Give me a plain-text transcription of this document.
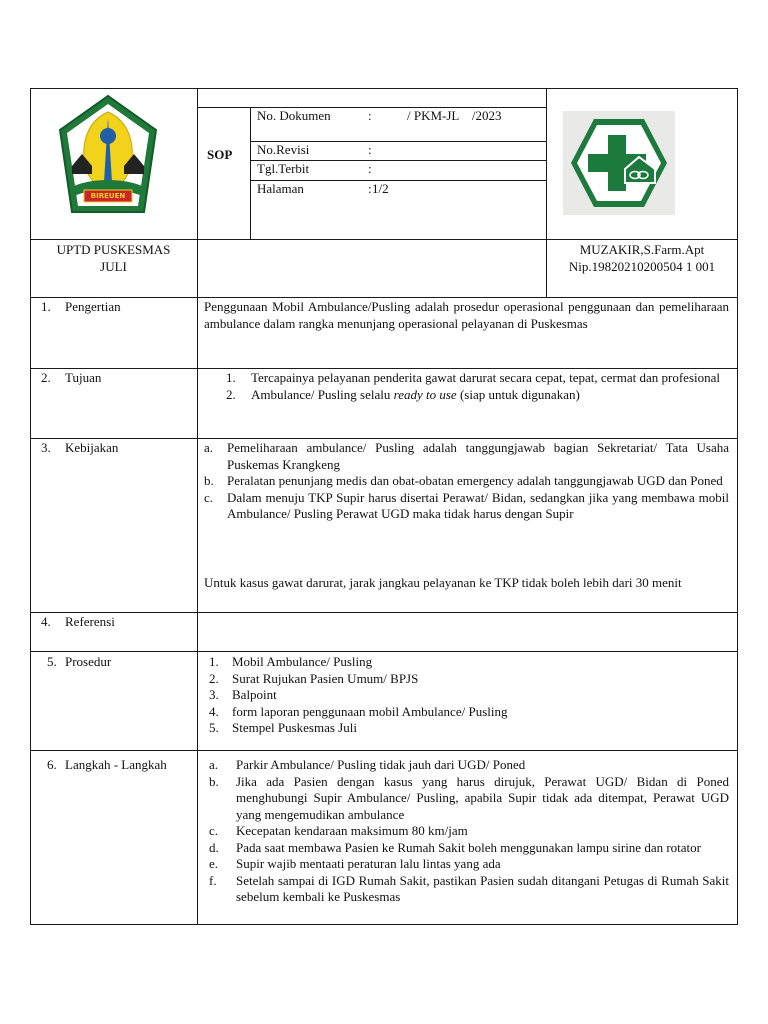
BIREUEN
SOP
No. Dokumen	:	/ PKM-JL    /2023
No.Revisi	:
Tgl.Terbit	:
Halaman	: 1/2
UPTD PUSKESMAS
JULI
MUZAKIR,S.Farm.Apt
Nip.19820210200504 1 001
1. Pengertian	Penggunaan Mobil Ambulance/Pusling adalah prosedur operasional penggunaan dan pemeliharaan ambulance dalam rangka menunjang operasional pelayanan di Puskesmas
2. Tujuan	1. Tercapainya pelayanan penderita gawat darurat secara cepat, tepat, cermat dan profesional
2. Ambulance/ Pusling selalu ready to use (siap untuk digunakan)
3. Kebijakan	a. Pemeliharaan ambulance/ Pusling adalah tanggungjawab bagian Sekretariat/ Tata Usaha Puskemas Krangkeng
b. Peralatan penunjang medis dan obat-obatan emergency adalah tanggungjawab UGD dan Poned
c. Dalam menuju TKP Supir harus disertai Perawat/ Bidan, sedangkan jika yang membawa mobil Ambulance/ Pusling Perawat UGD maka tidak harus dengan Supir
Untuk kasus gawat darurat, jarak jangkau pelayanan ke TKP tidak boleh lebih dari 30 menit
4. Referensi
5. Prosedur	1. Mobil Ambulance/ Pusling
2. Surat Rujukan Pasien Umum/ BPJS
3. Balpoint
4. form laporan penggunaan mobil Ambulance/ Pusling
5. Stempel Puskesmas Juli
6. Langkah - Langkah	a. Parkir Ambulance/ Pusling tidak jauh dari UGD/ Poned
b. Jika ada Pasien dengan kasus yang harus dirujuk, Perawat UGD/ Bidan di Poned menghubungi Supir Ambulance/ Pusling, apabila Supir tidak ada ditempat, Perawat UGD yang mengemudikan ambulance
c. Kecepatan kendaraan maksimum 80 km/jam
d. Pada saat membawa Pasien ke Rumah Sakit boleh menggunakan lampu sirine dan rotator
e. Supir wajib mentaati peraturan lalu lintas yang ada
f. Setelah sampai di IGD Rumah Sakit, pastikan Pasien sudah ditangani Petugas di Rumah Sakit sebelum kembali ke Puskesmas
